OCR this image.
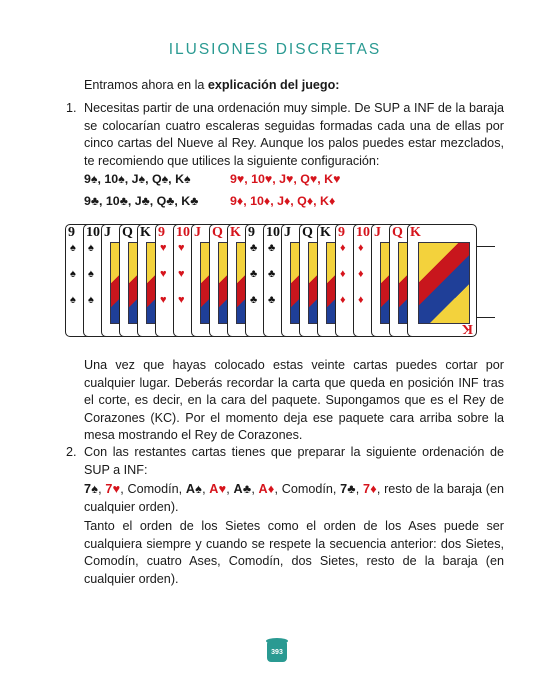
ILUSIONES DISCRETAS
Entramos ahora en la explicación del juego:
1. Necesitas partir de una ordenación muy simple. De SUP a INF de la baraja se colocarían cuatro escaleras seguidas formadas cada una de ellas por cinco cartas del Nueve al Rey. Aunque los palos puedes estar mezclados, te recomiendo que utilices la siguiente configuración:
9♠, 10♠, J♠, Q♠, K♠	9♥, 10♥, J♥, Q♥, K♥
9♣, 10♣, J♣, Q♣, K♣	9♦, 10♦, J♦, Q♦, K♦
9
♠
♠
♠
10
♠
♠
♠
J Q K 9
♥
♥
♥
10
♥
♥
♥
J Q K 9
♣
♣
♣
10
♣
♣
♣
J Q K 9
♦
♦
♦
10
♦
♦
♦
J Q K
K
Una vez que hayas colocado estas veinte cartas puedes cortar por cualquier lugar. Deberás recordar la carta que queda en posición INF tras el corte, es decir, en la cara del paquete. Supongamos que es el Rey de Corazones (KC). Por el momento deja ese paquete cara arriba sobre la mesa mostrando el Rey de Corazones.
2. Con las restantes cartas tienes que preparar la siguiente ordenación de SUP a INF:
7♠, 7♥, Comodín, A♠, A♥, A♣, A♦, Comodín, 7♣, 7♦, resto de la baraja (en cualquier orden).
Tanto el orden de los Sietes como el orden de los Ases puede ser cualquiera siempre y cuando se respete la secuencia anterior: dos Sietes, Comodín, cuatro Ases, Comodín, dos Sietes, resto de la baraja (en cualquier orden).
393
